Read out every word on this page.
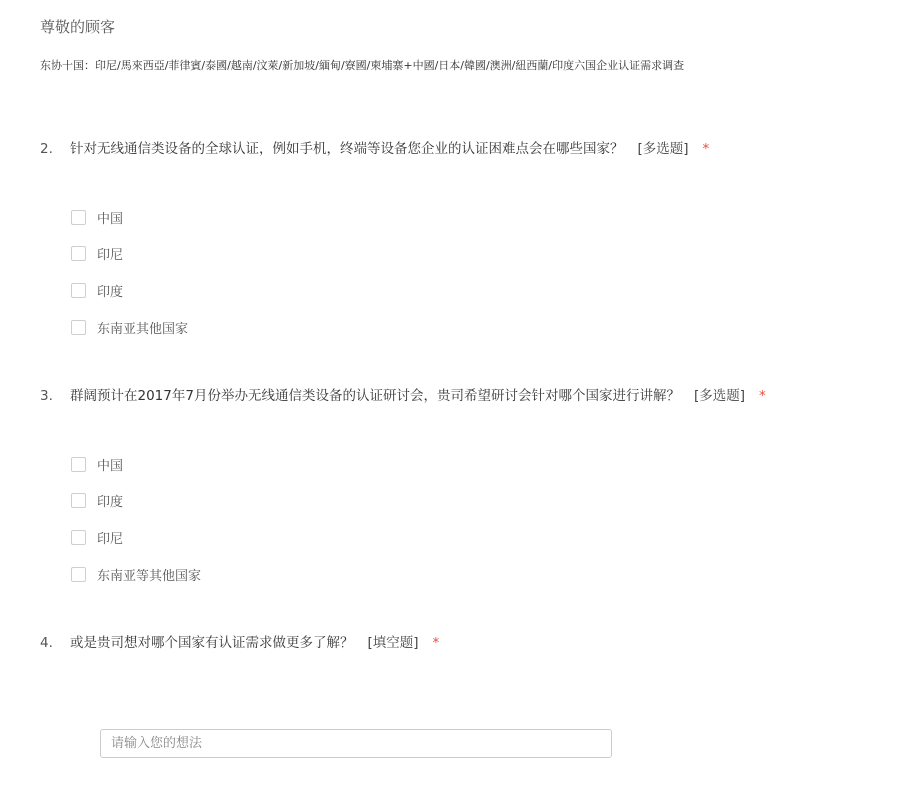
尊敬的顾客
东协十国：印尼/馬來西亞/菲律賓/泰國/越南/汶萊/新加坡/緬甸/寮國/柬埔寨+中國/日本/韓國/澳洲/紐西蘭/印度六国企业认证需求调查
2. 针对无线通信类设备的全球认证，例如手机，终端等设备您企业的认证困难点会在哪些国家？ [多选题] *
中国
印尼
印度
东南亚其他国家
3. 群阔预计在2017年7月份举办无线通信类设备的认证研讨会，贵司希望研讨会针对哪个国家进行讲解？ [多选题] *
中国
印度
印尼
东南亚等其他国家
4. 或是贵司想对哪个国家有认证需求做更多了解？ [填空题] *
请输入您的想法
